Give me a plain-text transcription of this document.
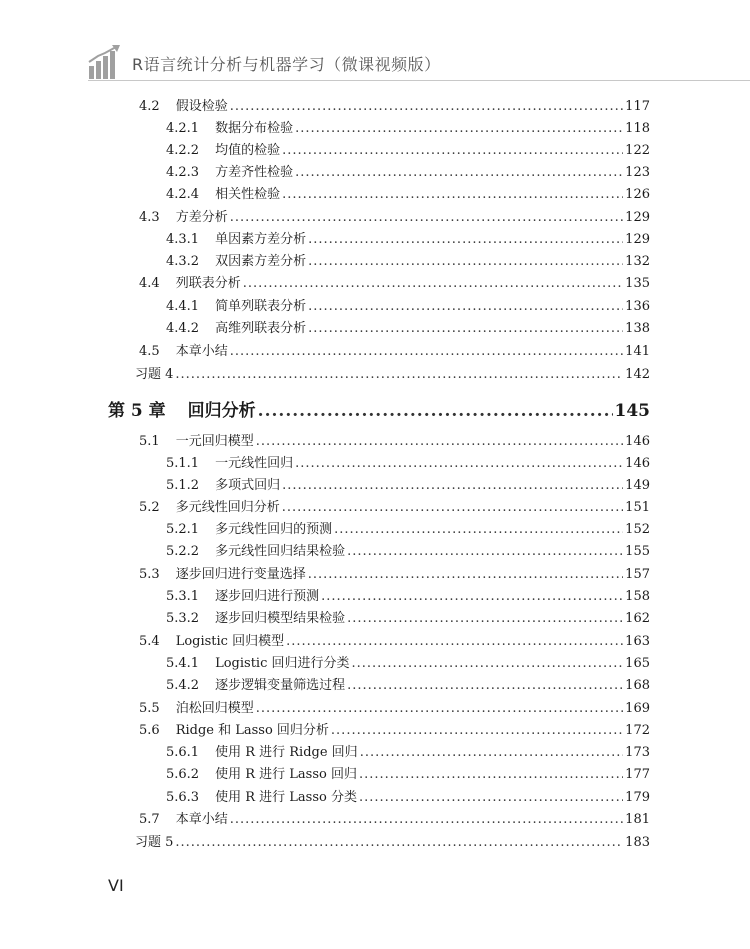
R语言统计分析与机器学习（微课视频版）
4.2 假设检验 .....	117
4.2.1 数据分布检验 .....	118
4.2.2 均值的检验 .....	122
4.2.3 方差齐性检验 .....	123
4.2.4 相关性检验 .....	126
4.3 方差分析 .....	129
4.3.1 单因素方差分析 .....	129
4.3.2 双因素方差分析 .....	132
4.4 列联表分析 .....	135
4.4.1 简单列联表分析 .....	136
4.4.2 高维列联表分析 .....	138
4.5 本章小结 .....	141
习题 4 .....	142
第 5 章 回归分析 .....	145
5.1 一元回归模型 .....	146
5.1.1 一元线性回归 .....	146
5.1.2 多项式回归 .....	149
5.2 多元线性回归分析 .....	151
5.2.1 多元线性回归的预测 .....	152
5.2.2 多元线性回归结果检验 .....	155
5.3 逐步回归进行变量选择 .....	157
5.3.1 逐步回归进行预测 .....	158
5.3.2 逐步回归模型结果检验 .....	162
5.4 Logistic 回归模型 .....	163
5.4.1 Logistic 回归进行分类 .....	165
5.4.2 逐步逻辑变量筛选过程 .....	168
5.5 泊松回归模型 .....	169
5.6 Ridge 和 Lasso 回归分析 .....	172
5.6.1 使用 R 进行 Ridge 回归 .....	173
5.6.2 使用 R 进行 Lasso 回归 .....	177
5.6.3 使用 R 进行 Lasso 分类 .....	179
5.7 本章小结 .....	181
习题 5 .....	183
VI
